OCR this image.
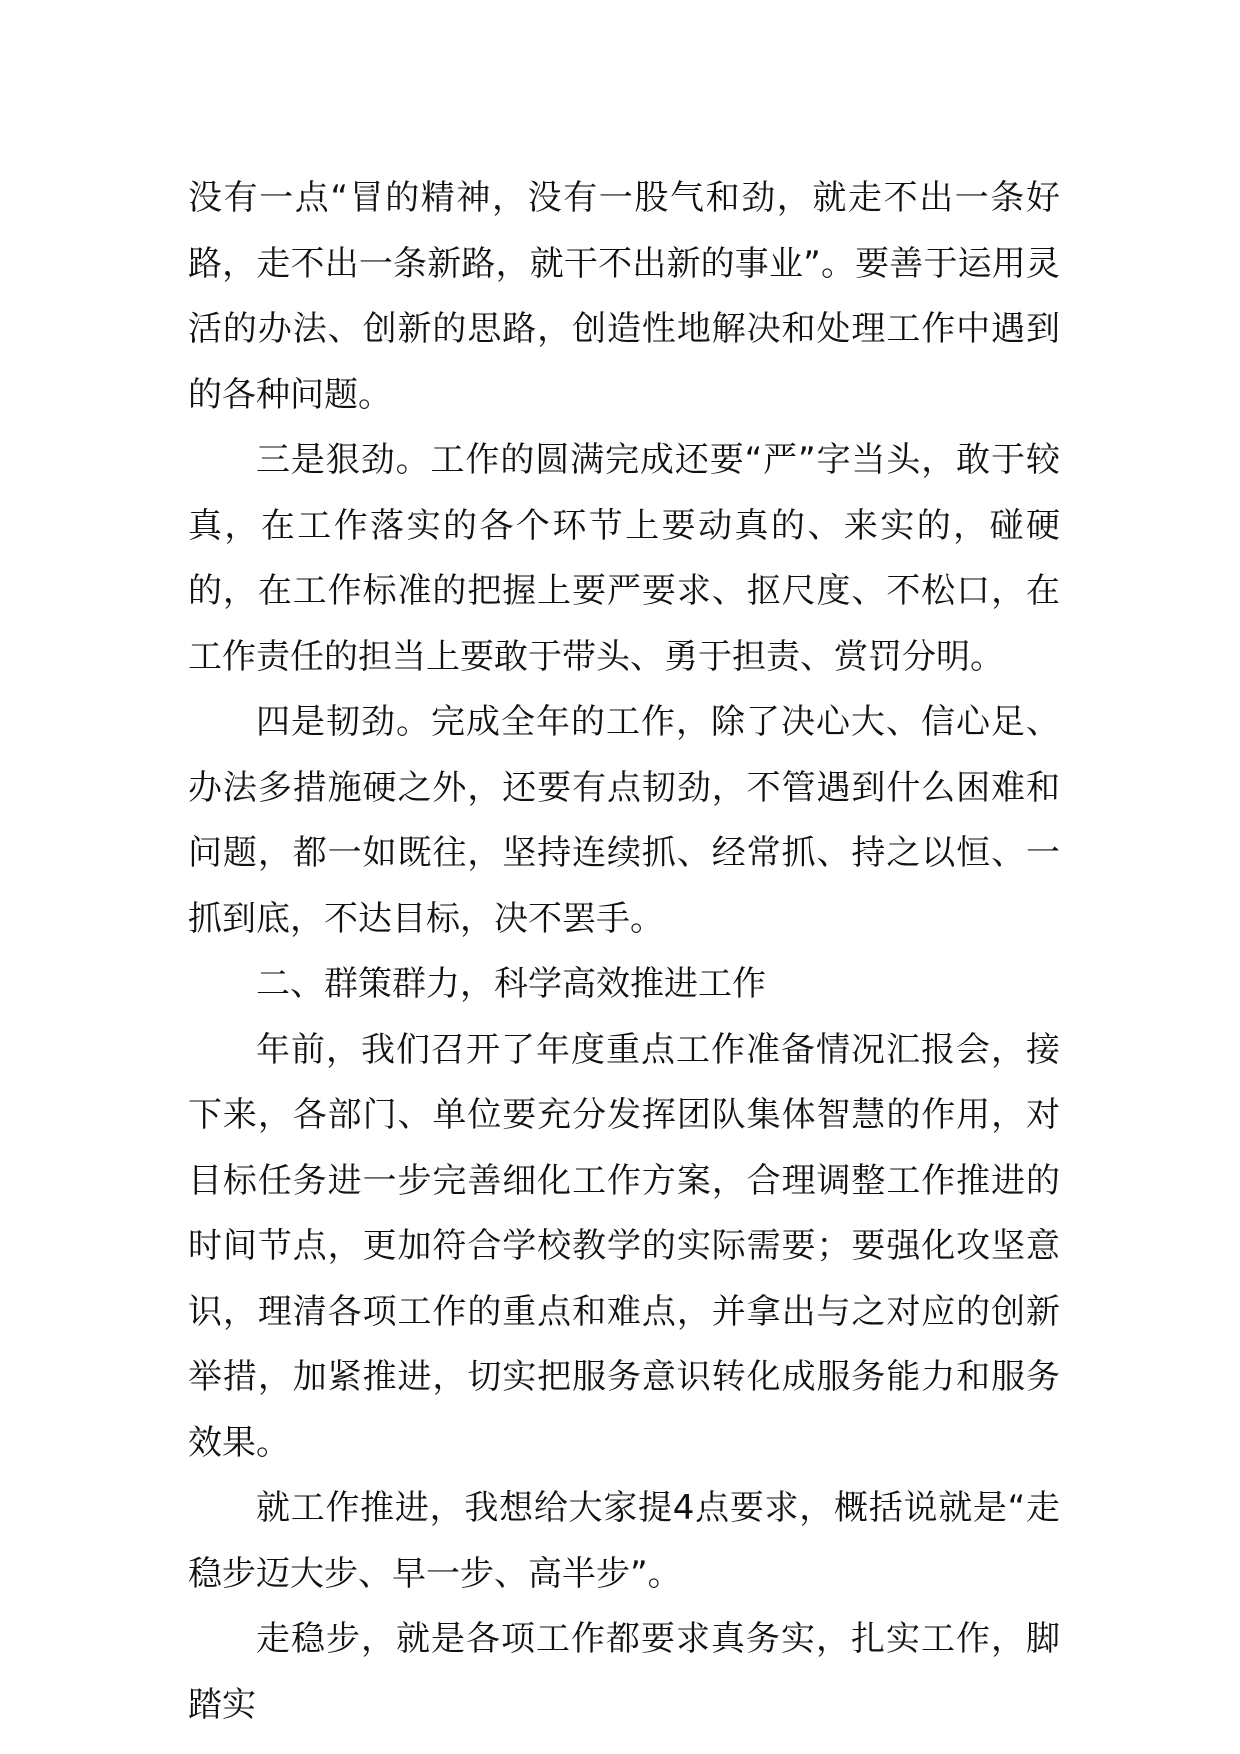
没有一点“冒的精神，没有一股气和劲，就走不出一条好路，走不出一条新路，就干不出新的事业”。要善于运用灵活的办法、创新的思路，创造性地解决和处理工作中遇到的各种问题。

三是狠劲。工作的圆满完成还要“严”字当头，敢于较真，在工作落实的各个环节上要动真的、来实的，碰硬的，在工作标准的把握上要严要求、抠尺度、不松口，在工作责任的担当上要敢于带头、勇于担责、赏罚分明。

四是韧劲。完成全年的工作，除了决心大、信心足、办法多措施硬之外，还要有点韧劲，不管遇到什么困难和问题，都一如既往，坚持连续抓、经常抓、持之以恒、一抓到底，不达目标，决不罢手。

二、群策群力，科学高效推进工作

年前，我们召开了年度重点工作准备情况汇报会，接下来，各部门、单位要充分发挥团队集体智慧的作用，对目标任务进一步完善细化工作方案，合理调整工作推进的时间节点，更加符合学校教学的实际需要；要强化攻坚意识，理清各项工作的重点和难点，并拿出与之对应的创新举措，加紧推进，切实把服务意识转化成服务能力和服务效果。

就工作推进，我想给大家提4点要求，概括说就是“走稳步迈大步、早一步、高半步”。

走稳步，就是各项工作都要求真务实，扎实工作，脚踏实
